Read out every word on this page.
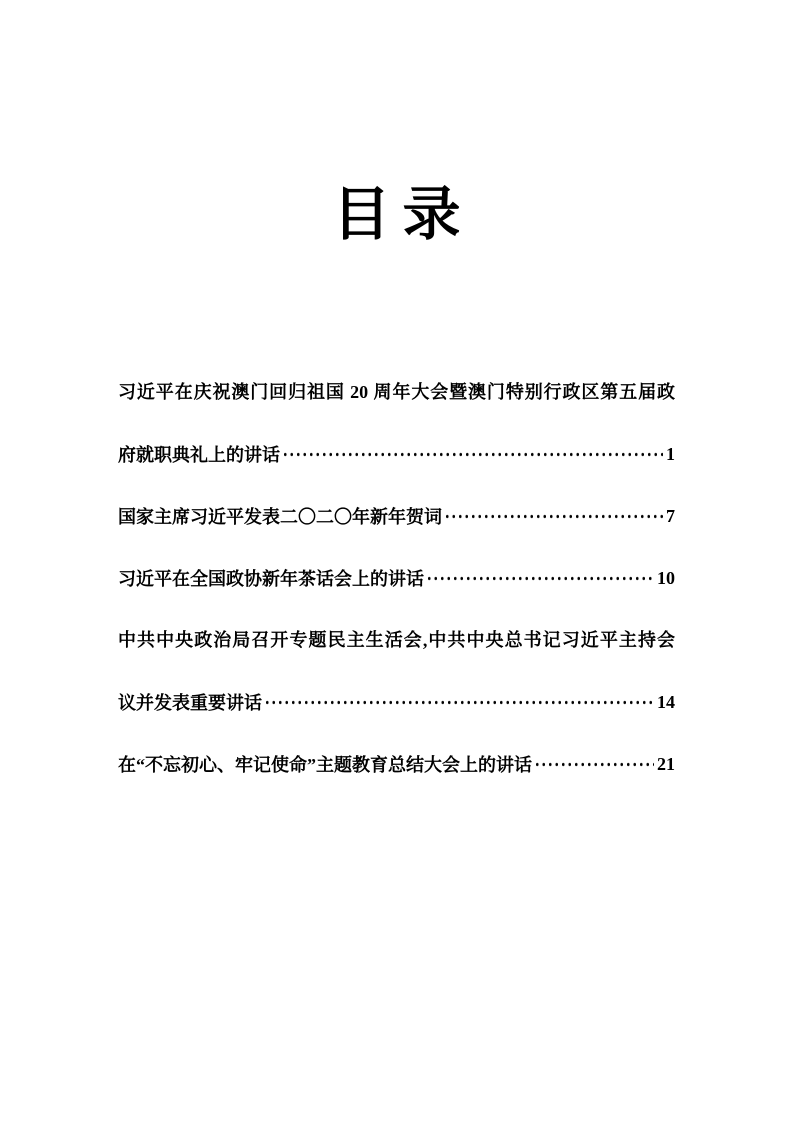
目录
习近平在庆祝澳门回归祖国 20 周年大会暨澳门特别行政区第五届政
府就职典礼上的讲话	1
国家主席习近平发表二〇二〇年新年贺词	7
习近平在全国政协新年茶话会上的讲话	10
中共中央政治局召开专题民主生活会,中共中央总书记习近平主持会
议并发表重要讲话	14
在“不忘初心、牢记使命”主题教育总结大会上的讲话	21
